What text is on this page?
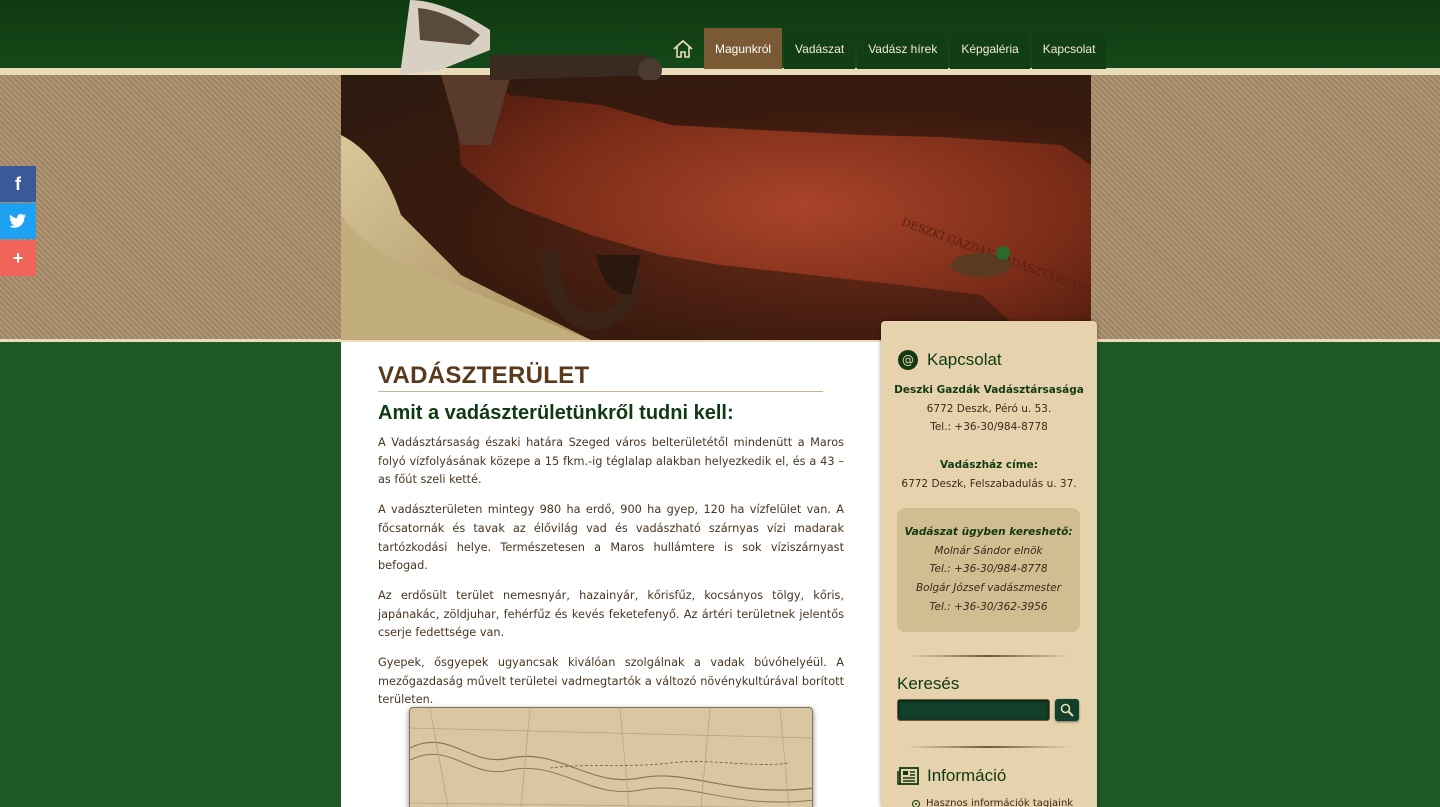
DESZKI GAZDÁK VADÁSZTÁRSASÁGA
Magunkról	Vadászat	Vadász hírek	Képgaléria	Kapcsolat
f
+
VADÁSZTERÜLET
Amit a vadászterületünkről tudni kell:

A Vadásztársaság északi határa Szeged város belterületétől mindenütt a Maros folyó vízfolyásának közepe a 15 fkm.-ig téglalap alakban helyezkedik el, és a 43 –as főút szeli ketté.

A vadászterületen mintegy 980 ha erdő, 900 ha gyep, 120 ha vízfelület van. A főcsatornák és tavak az élővilág vad és vadászható szárnyas vízi madarak tartózkodási helye. Természetesen a Maros hullámtere is sok víziszárnyast befogad.

Az erdősült terület nemesnyár, hazainyár, kőrisfűz, kocsányos tölgy, kőris, japánakác, zöldjuhar, fehérfűz és kevés feketefenyő. Az ártéri területnek jelentős cserje fedettsége van.

Gyepek, ősgyepek ugyancsak kiválóan szolgálnak a vadak búvóhelyéül. A mezőgazdaság művelt területei vadmegtartók a változó növénykultúrával borított területen.

@ Kapcsolat
Deszki Gazdák Vadásztársasága
6772 Deszk, Péró u. 53.
Tel.: +36-30/984-8778
Vadászház címe:
6772 Deszk, Felszabadulás u. 37.
Vadászat ügyben kereshető:
Molnár Sándor elnök
Tel.: +36-30/984-8778
Bolgár József vadászmester
Tel.: +36-30/362-3956
Keresés
Információ
Hasznos információk tagjaink
